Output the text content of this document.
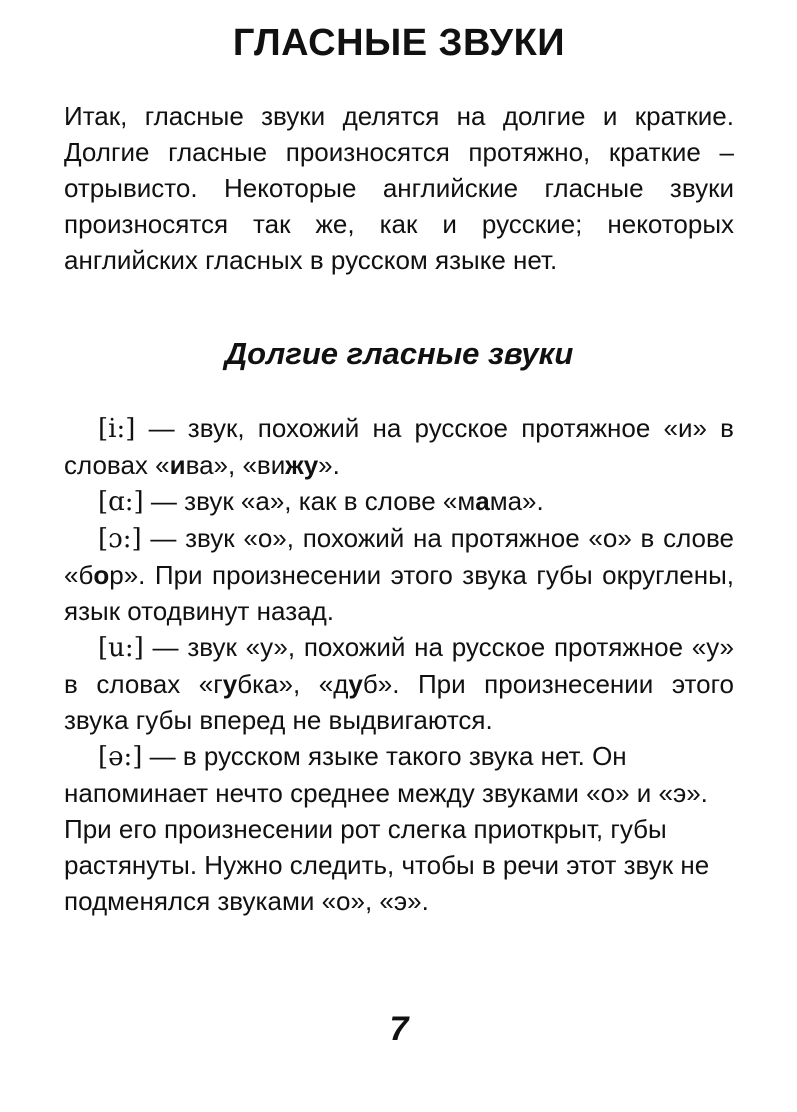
ГЛАСНЫЕ ЗВУКИ

Итак, гласные звуки делятся на долгие и краткие. Долгие гласные произносятся протяжно, краткие – отрывисто. Некоторые английские гласные звуки произносятся так же, как и русские; некоторых английских гласных в русском языке нет.

Долгие гласные звуки

[i:] — звук, похожий на русское протяжное «и» в словах «ива», «вижу».

[ɑ:] — звук «а», как в слове «мама».

[ɔ:] — звук «о», похожий на протяжное «о» в слове «бор». При произнесении этого звука губы округлены, язык отодвинут назад.

[u:] — звук «у», похожий на русское протяжное «у» в словах «губка», «дуб». При произнесении этого звука губы вперед не выдвигаются.

[ə:] — в русском языке такого звука нет. Он напоминает нечто среднее между звуками «о» и «э». При его произнесении рот слегка приоткрыт, губы растянуты. Нужно следить, чтобы в речи этот звук не подменялся звуками «о», «э».

7
